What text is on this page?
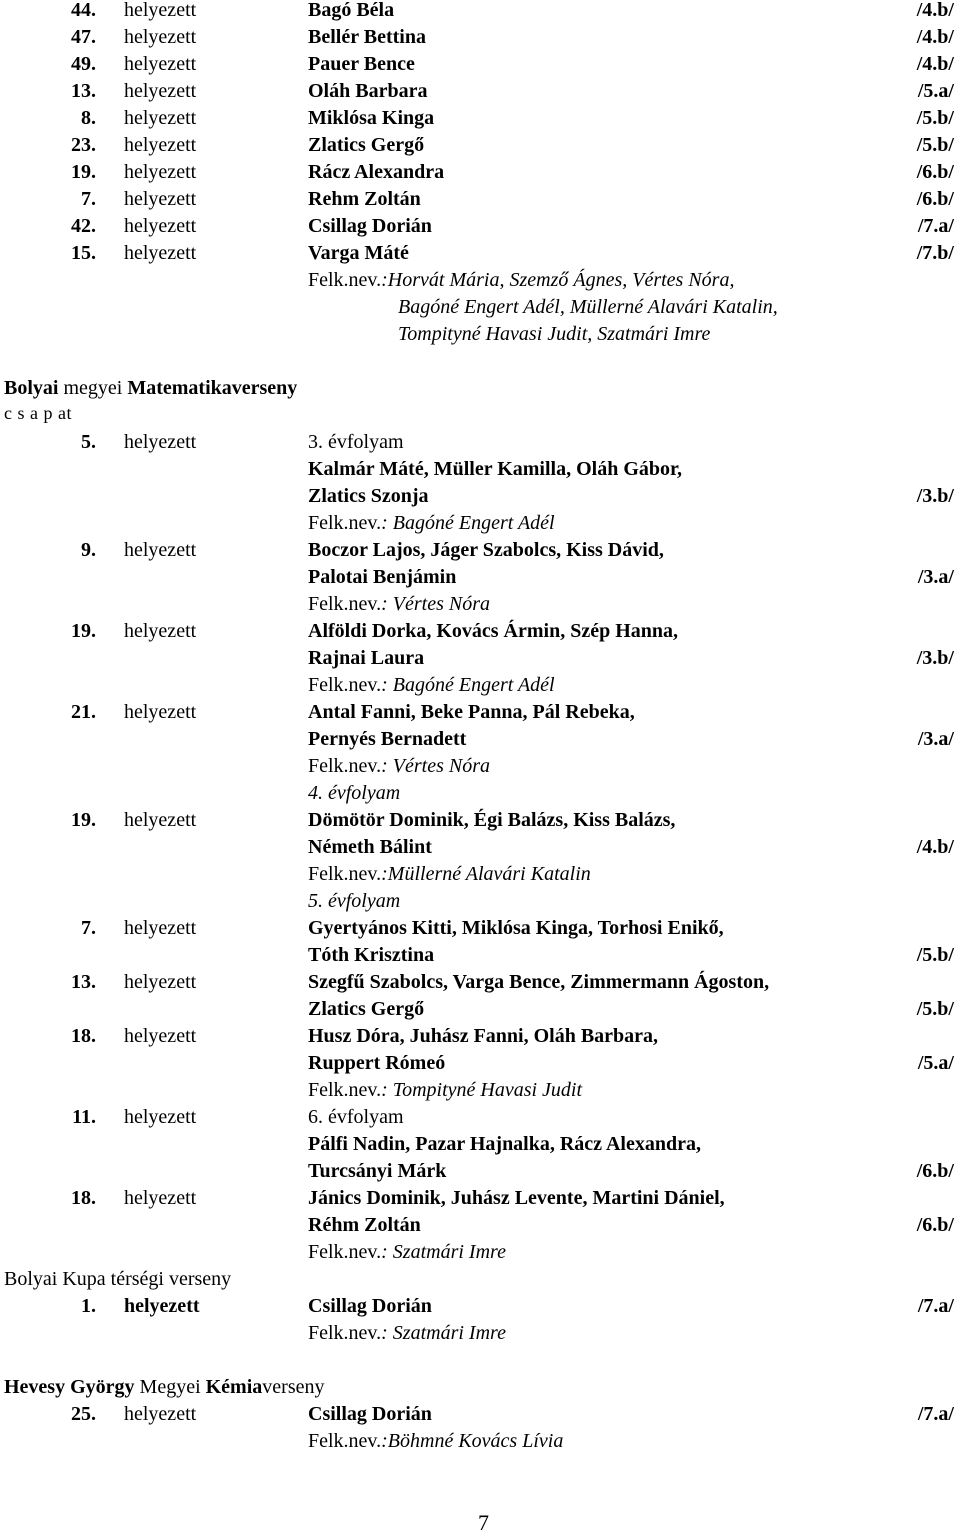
44. helyezett	Bagó Béla	/4.b/
47. helyezett	Bellér Bettina	/4.b/
49. helyezett	Pauer Bence	/4.b/
13. helyezett	Oláh Barbara	/5.a/
8. helyezett	Miklósa Kinga	/5.b/
23. helyezett	Zlatics Gergő	/5.b/
19. helyezett	Rácz Alexandra	/6.b/
7. helyezett	Rehm Zoltán	/6.b/
42. helyezett	Csillag Dorián	/7.a/
15. helyezett	Varga Máté	/7.b/
Felk.nev.:Horvát Mária, Szemző Ágnes, Vértes Nóra,
Bagóné Engert Adél, Müllerné Alavári Katalin,
Tompityné Havasi Judit, Szatmári Imre
Bolyai megyei Matematikaverseny
c s a p at
5. helyezett	3. évfolyam
Kalmár Máté, Müller Kamilla, Oláh Gábor,
Zlatics Szonja	/3.b/
Felk.nev.: Bagóné Engert Adél
9. helyezett	Boczor Lajos, Jáger Szabolcs, Kiss Dávid,
Palotai Benjámin	/3.a/
Felk.nev.: Vértes Nóra
19. helyezett	Alföldi Dorka, Kovács Ármin, Szép Hanna,
Rajnai Laura	/3.b/
Felk.nev.: Bagóné Engert Adél
21. helyezett	Antal Fanni, Beke Panna, Pál Rebeka,
Pernyés Bernadett	/3.a/
Felk.nev.: Vértes Nóra
4. évfolyam
19. helyezett	Dömötör Dominik, Égi Balázs, Kiss Balázs,
Németh Bálint	/4.b/
Felk.nev.:Müllerné Alavári Katalin
5. évfolyam
7. helyezett	Gyertyános Kitti, Miklósa Kinga, Torhosi Enikő,
Tóth Krisztina	/5.b/
13. helyezett	Szegfű Szabolcs, Varga Bence, Zimmermann Ágoston,
Zlatics Gergő	/5.b/
18. helyezett	Husz Dóra, Juhász Fanni, Oláh Barbara,
Ruppert Rómeó	/5.a/
Felk.nev.: Tompityné Havasi Judit
11. helyezett	6. évfolyam
Pálfi Nadin, Pazar Hajnalka, Rácz Alexandra,
Turcsányi Márk	/6.b/
18. helyezett	Jánics Dominik, Juhász Levente, Martini Dániel,
Réhm Zoltán	/6.b/
Felk.nev.: Szatmári Imre
Bolyai Kupa térségi verseny
1. helyezett	Csillag Dorián	/7.a/
Felk.nev.: Szatmári Imre
Hevesy György Megyei Kémiaverseny
25. helyezett	Csillag Dorián	/7.a/
Felk.nev.:Böhmné Kovács Lívia
7
